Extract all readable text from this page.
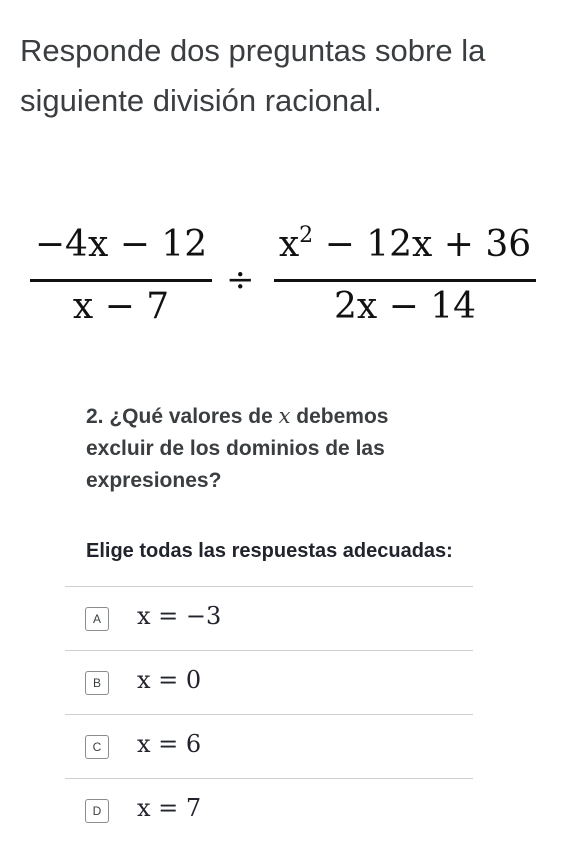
Responde dos preguntas sobre la siguiente división racional.

−4x − 12
x − 7
÷
$x^2 - 12x + 36$
2x − 14

2. ¿Qué valores de x debemos excluir de los dominios de las expresiones?

Elige todas las respuestas adecuadas:

A	x = −3
B	x = 0
C	x = 6
D	x = 7
